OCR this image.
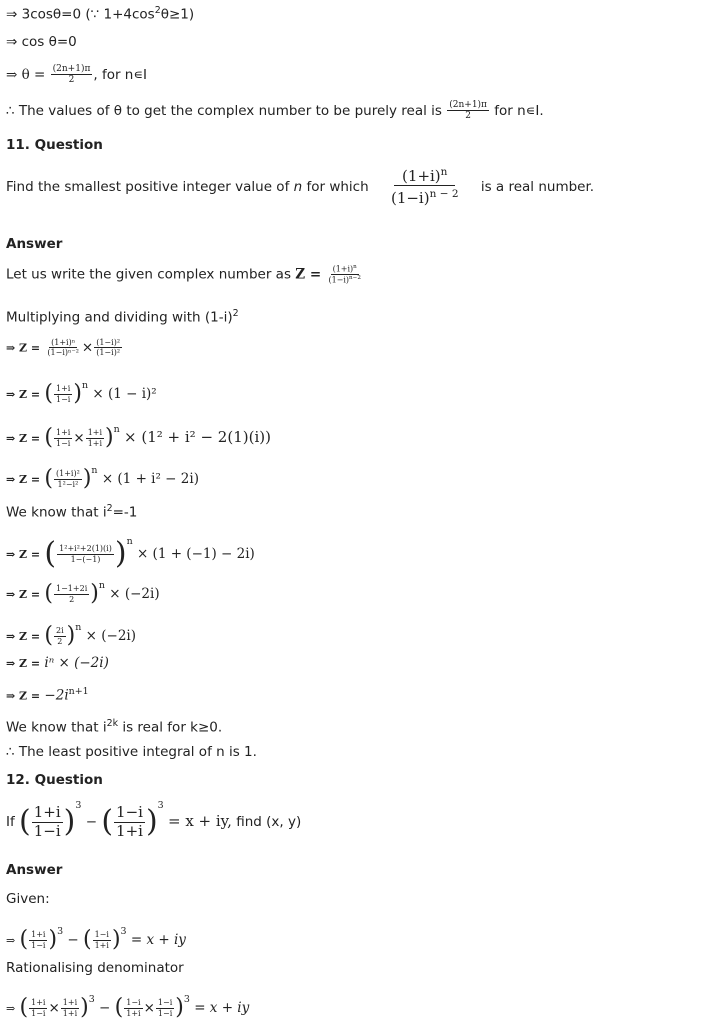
⇒ 3cosθ=0 (∵ $1+4\cos^2\theta\ge 1$)
⇒ cos θ=0
⇒ $\theta = \frac{(2n+1)\pi}{2}$ , for n∊I
∴ The values of θ to get the complex number to be purely real is $\frac{(2n+1)\pi}{2}$ for n∊I.
11. Question
Find the smallest positive integer value of n for which $\frac{(1+i)^n}{(1-i)^{n - 2}}$ is a real number.
Answer
Let us write the given complex number as $Z = \frac{(1+i)^n}{(1-i)^{n-2}}$
Multiplying and dividing with $(1-i)^2$
⇒ $Z = \frac{\text{(1+i)ⁿ}}{\text{(1−i)ⁿ⁻²}} \times \frac{\text{(1−i)²}}{\text{(1−i)²}}$
⇒ Z = ( $\frac{1+i}{1-i} )^n \times (1 - i)^2$
⇒ Z = ( $\frac{1+i}{1-i} \times \frac{1+i}{1+i} )^n \times (1^2 + i^2 - 2(1)(i))$
⇒ Z = ( $\frac{\text{(1+i)²}}{\text{1²−i²}} )^n \times (1 + i^2 - 2i)$
We know that $i^2=-1$
⇒ Z = ( $\frac{\text{1²+i²+2(1)(i)}}{1-(-1)} )^n \times (1 + (-1) - 2i)$
⇒ Z = ( $\frac{1-1+2i}{2} )^n \times (-2i)$
⇒ Z = ( $\frac{2i}{2} )^n \times (-2i)$
⇒ Z = iⁿ × (−2i)
⇒ $Z = -2i^{n+1}$
We know that $i^{2k}$ is real for k≥0.
∴ The least positive integral of n is 1.
12. Question
If ( $\frac{1+i}{1-i} )^3$ − ( $\frac{1-i}{1+i} )^3 = x$ + iy, find (x, y)
Answer
Given:
⇒ ( $\frac{1+i}{1-i} )^3$ − ( $\frac{1-i}{1+i} )^3 = x$ + iy
Rationalising denominator
⇒ ( $\frac{1+i}{1-i} \times \frac{1+i}{1+i} )^3$ − ( $\frac{1-i}{1+i} \times \frac{1-i}{1-i} )^3 = x$ + iy
